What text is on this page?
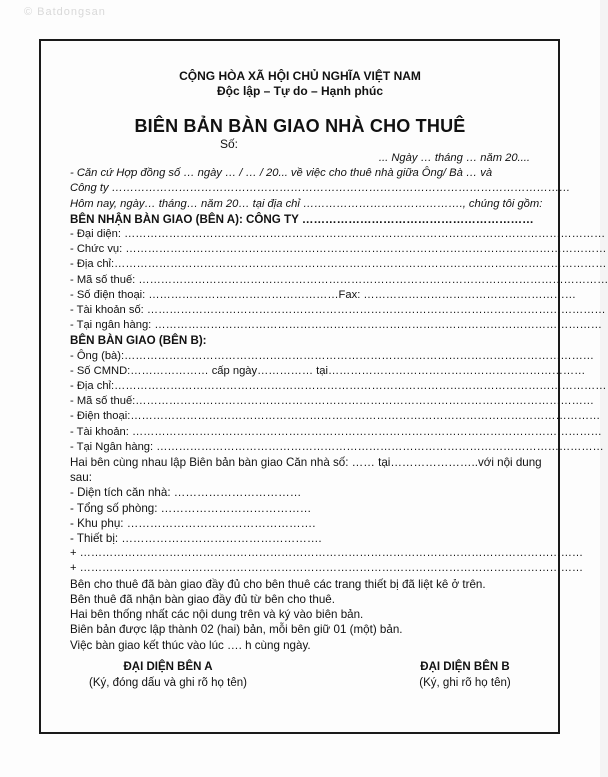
© Batdongsan
CỘNG HÒA XÃ HỘI CHỦ NGHĨA VIỆT NAM
Độc lập – Tự do – Hạnh phúc
BIÊN BẢN BÀN GIAO NHÀ CHO THUÊ
Số:
... Ngày … tháng … năm 20....
- Căn cứ Hợp đồng số … ngày … / … / 20... về việc cho thuê nhà giữa Ông/ Bà … và
Công ty ……………………………………………………………………………………………………………
Hôm nay, ngày… tháng… năm 20… tại địa chỉ ……………………………………., chúng tôi gồm:
BÊN NHẬN BÀN GIAO (BÊN A): CÔNG TY ……………………………………………………
- Đại diện: …………………………………………………………………………………………………………………
- Chức vụ: …………………………………………………………………………………………………………………
- Địa chỉ:……………………………………………………………………………………………………………………
- Mã số thuế: ………………………………………………………………………………………………………………
- Số điện thoại: ……………………………………………Fax: …………………………………………………
- Tài khoản số: ……………………………………………………………………………………………………………
- Tại ngân hàng: …………………………………………………………………………………………………………
BÊN BÀN GIAO (BÊN B):
- Ông (bà):………………………………………………………………………………………………………………
- Số CMND:………………… cấp ngày…………… tại……………………………………………………………
- Địa chỉ:……………………………………………………………………………………………………………………
- Mã số thuế:……………………………………………………………………………………………………………
- Điện thoại:………………………………………………………………………………………………………………
- Tài khoản: ………………………………………………………………………………………………………………
- Tại Ngân hàng: …………………………………………………………………………………………………………
Hai bên cùng nhau lập Biên bản bàn giao Căn nhà số: …… tại…………………..với nội dung
sau:
- Diện tích căn nhà: ……………………………
- Tổng số phòng: …………………………………
- Khu phụ: ………………………………………….
- Thiết bị: …………………………………………….
+ ………………………………………………………………………………………………………………………
+ ………………………………………………………………………………………………………………………
Bên cho thuê đã bàn giao đầy đủ cho bên thuê các trang thiết bị đã liệt kê ở trên.
Bên thuê đã nhận bàn giao đầy đủ từ bên cho thuê.
Hai bên thống nhất các nội dung trên và ký vào biên bản.
Biên bản được lập thành 02 (hai) bản, mỗi bên giữ 01 (một) bản.
Việc bàn giao kết thúc vào lúc …. h cùng ngày.
ĐẠI DIỆN BÊN A
(Ký, đóng dấu và ghi rõ họ tên)
ĐẠI DIỆN BÊN B
(Ký, ghi rõ họ tên)
